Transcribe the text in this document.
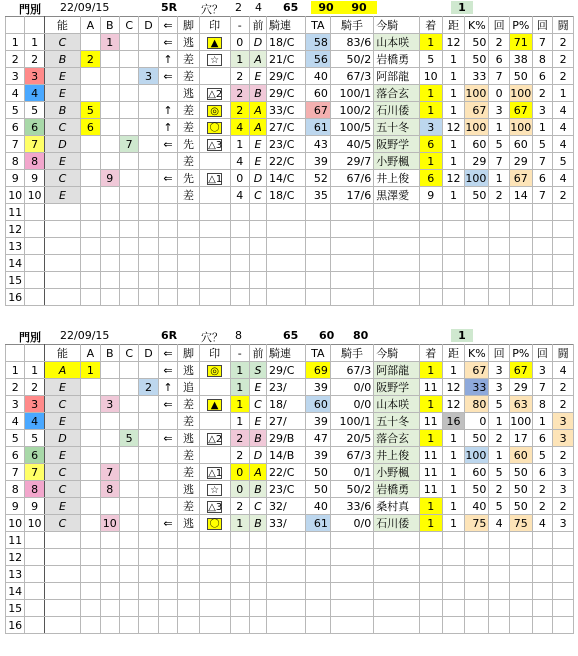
門別 22/09/15	5R 穴？ 2 4 65	90	90	1
		能	A	B	C	D	⇐	脚	印	-	前	騎連	TA	騎手	今騎	着	距	K%	回	P%	回	闘
1	1	C		1			⇐	逃	▲	0	D	18/C	58	83/6	山本咲	1	12	50	2	71	7	2
2	2	B	2				↑	差	☆	1	A	21/C	56	50/2	岩橋勇	5	1	50	6	38	8	2
3	3	E				3	⇐	差		2	E	29/C	40	67/3	阿部龍	10	1	33	7	50	6	2
4	4	E						逃	△2	2	B	29/C	60	100/1	落合玄	1	1	100	0	100	2	1
5	5	B	5				↑	差	◎	2	A	33/C	67	100/2	石川倭	1	1	67	3	67	3	4
6	6	C	6				↑	差	〇	4	A	27/C	61	100/5	五十冬	3	12	100	1	100	1	4
7	7	D			7		⇐	先	△3	1	E	23/C	43	40/5	阪野学	6	1	60	5	60	5	4
8	8	E						差		4	E	22/C	39	29/7	小野楓	1	1	29	7	29	7	5
9	9	C		9			⇐	先	△1	0	D	14/C	52	67/6	井上俊	6	12	100	1	67	6	4
10	10	E						差		4	C	18/C	35	17/6	黒澤愛	9	1	50	2	14	7	2
11																						
12																						
13																						
14																						
15																						
16																						
門別 22/09/15	6R 穴？ 8	65 60 80	1
		能	A	B	C	D	⇐	脚	印	-	前	騎連	TA	騎手	今騎	着	距	K%	回	P%	回	闘
1	1	A	1				⇐	逃	◎	1	S	29/C	69	67/3	阿部龍	1	1	67	3	67	3	4
2	2	E				2	↑	追		1	E	23/	39	0/0	阪野学	11	12	33	3	29	7	2
3	3	C		3			⇐	差	▲	1	C	18/	60	0/0	山本咲	1	12	80	5	63	8	2
4	4	E						差		1	E	27/	39	100/1	五十冬	11	16	0	1	100	1	3
5	5	D			5		⇐	逃	△2	2	B	29/B	47	20/5	落合玄	1	1	50	2	17	6	3
6	6	E						差		2	D	14/B	39	67/3	井上俊	11	1	100	1	60	5	2
7	7	C		7				差	△1	0	A	22/C	50	0/1	小野楓	11	1	60	5	50	6	3
8	8	C		8				逃	☆	0	B	23/C	50	50/2	岩橋勇	11	1	50	2	50	2	3
9	9	E						差	△3	2	C	32/	40	33/6	桑村真	1	1	40	5	50	2	2
10	10	C		10			⇐	逃	〇	1	B	33/	61	0/0	石川倭	1	1	75	4	75	4	3
11																						
12																						
13																						
14																						
15																						
16																						
